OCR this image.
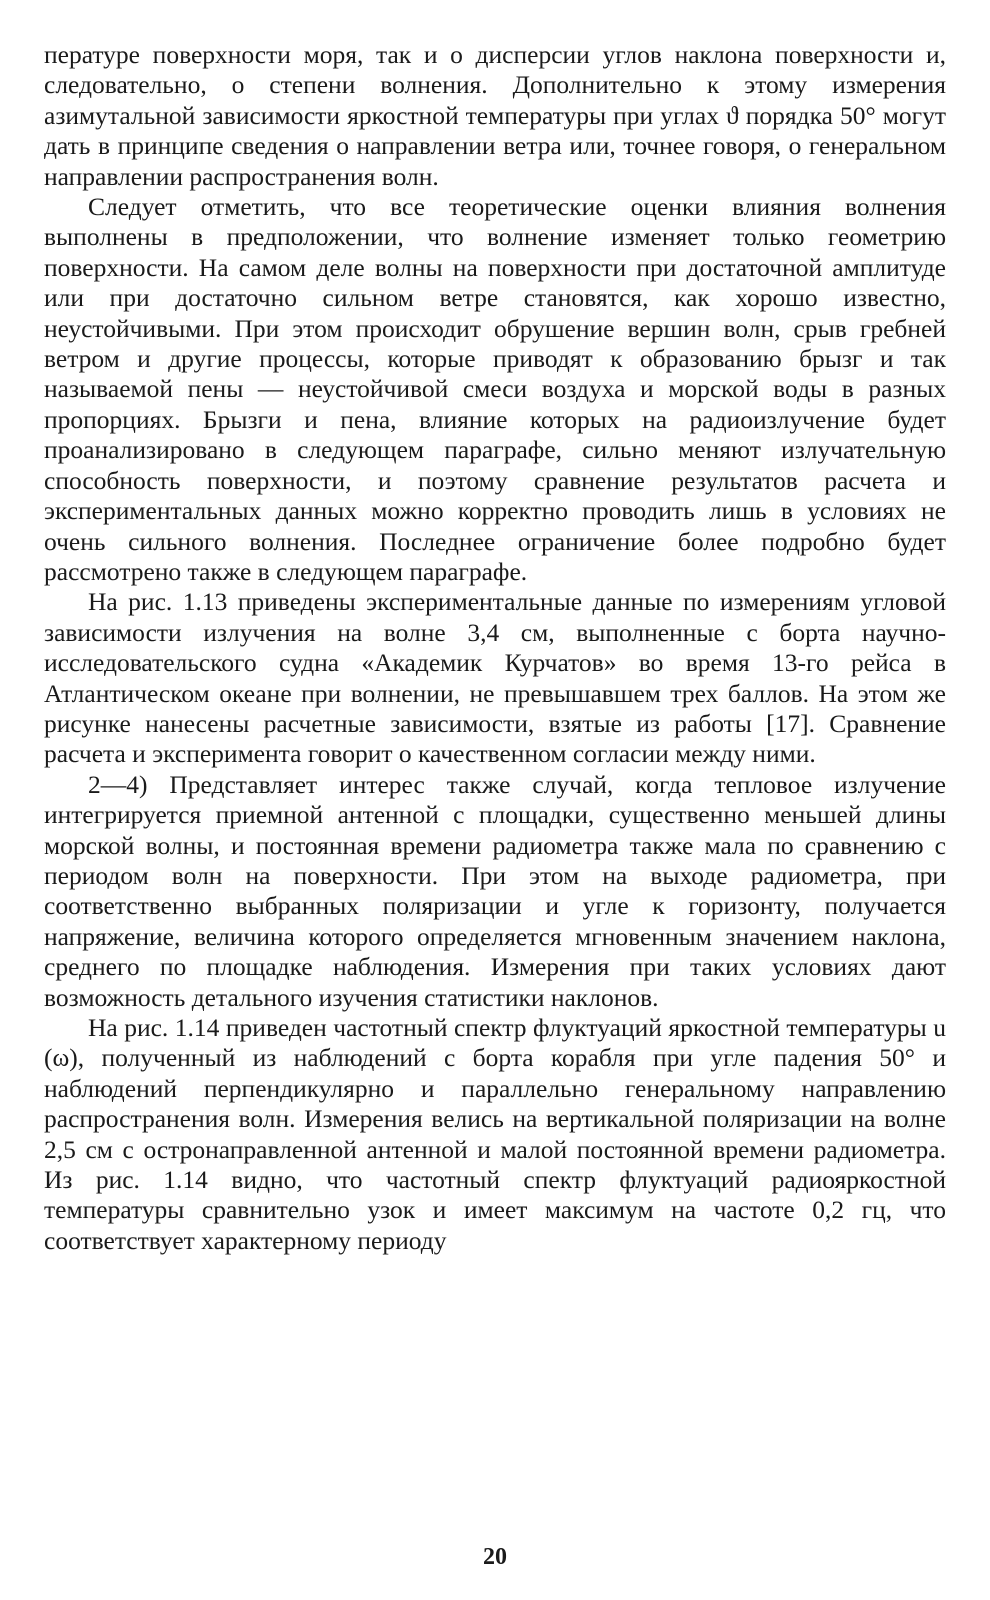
пературе поверхности моря, так и о дисперсии углов наклона поверхности и, следовательно, о степени волнения. Дополнительно к этому измерения азимутальной зависимости яркостной температуры при углах ϑ порядка 50° могут дать в принципе сведения о направлении ветра или, точнее говоря, о генеральном направлении распространения волн.

Следует отметить, что все теоретические оценки влияния волнения выполнены в предположении, что волнение изменяет только геометрию поверхности. На самом деле волны на поверхности при достаточной амплитуде или при достаточно сильном ветре становятся, как хорошо известно, неустойчивыми. При этом происходит обрушение вершин волн, срыв гребней ветром и другие процессы, которые приводят к образованию брызг и так называемой пены — неустойчивой смеси воздуха и морской воды в разных пропорциях. Брызги и пена, влияние которых на радиоизлучение будет проанализировано в следующем параграфе, сильно меняют излучательную способность поверхности, и поэтому сравнение результатов расчета и экспериментальных данных можно корректно проводить лишь в условиях не очень сильного волнения. Последнее ограничение более подробно будет рассмотрено также в следующем параграфе.

На рис. 1.13 приведены экспериментальные данные по измерениям угловой зависимости излучения на волне 3,4 см, выполненные с борта научно-исследовательского судна «Академик Курчатов» во время 13-го рейса в Атлантическом океане при волнении, не превышавшем трех баллов. На этом же рисунке нанесены расчетные зависимости, взятые из работы [17]. Сравнение расчета и эксперимента говорит о качественном согласии между ними.

2—4) Представляет интерес также случай, когда тепловое излучение интегрируется приемной антенной с площадки, существенно меньшей длины морской волны, и постоянная времени радиометра также мала по сравнению с периодом волн на поверхности. При этом на выходе радиометра, при соответственно выбранных поляризации и угле к горизонту, получается напряжение, величина которого определяется мгновенным значением наклона, среднего по площадке наблюдения. Измерения при таких условиях дают возможность детального изучения статистики наклонов.

На рис. 1.14 приведен частотный спектр флуктуаций яркостной температуры u (ω), полученный из наблюдений с борта корабля при угле падения 50° и наблюдений перпендикулярно и параллельно генеральному направлению распространения волн. Измерения велись на вертикальной поляризации на волне 2,5 см с остронаправленной антенной и малой постоянной времени радиометра. Из рис. 1.14 видно, что частотный спектр флуктуаций радиояркостной температуры сравнительно узок и имеет максимум на частоте 0,2 гц, что соответствует характерному периоду

20
